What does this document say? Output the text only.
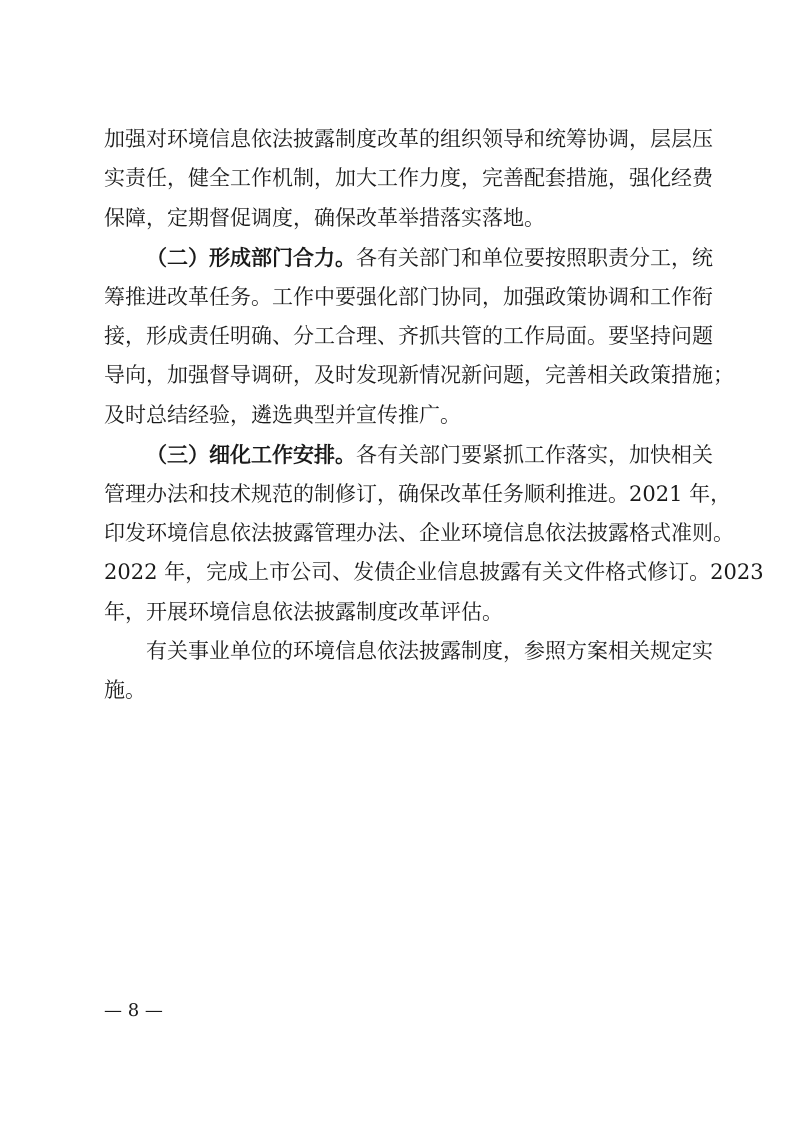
加强对环境信息依法披露制度改革的组织领导和统筹协调，层层压
实责任，健全工作机制，加大工作力度，完善配套措施，强化经费
保障，定期督促调度，确保改革举措落实落地。
（二）形成部门合力。各有关部门和单位要按照职责分工，统
筹推进改革任务。工作中要强化部门协同，加强政策协调和工作衔
接，形成责任明确、分工合理、齐抓共管的工作局面。要坚持问题
导向，加强督导调研，及时发现新情况新问题，完善相关政策措施；
及时总结经验，遴选典型并宣传推广。
（三）细化工作安排。各有关部门要紧抓工作落实，加快相关
管理办法和技术规范的制修订，确保改革任务顺利推进。2021 年，
印发环境信息依法披露管理办法、企业环境信息依法披露格式准则。
2022 年，完成上市公司、发债企业信息披露有关文件格式修订。2023
年，开展环境信息依法披露制度改革评估。
有关事业单位的环境信息依法披露制度，参照方案相关规定实
施。
— 8 —
